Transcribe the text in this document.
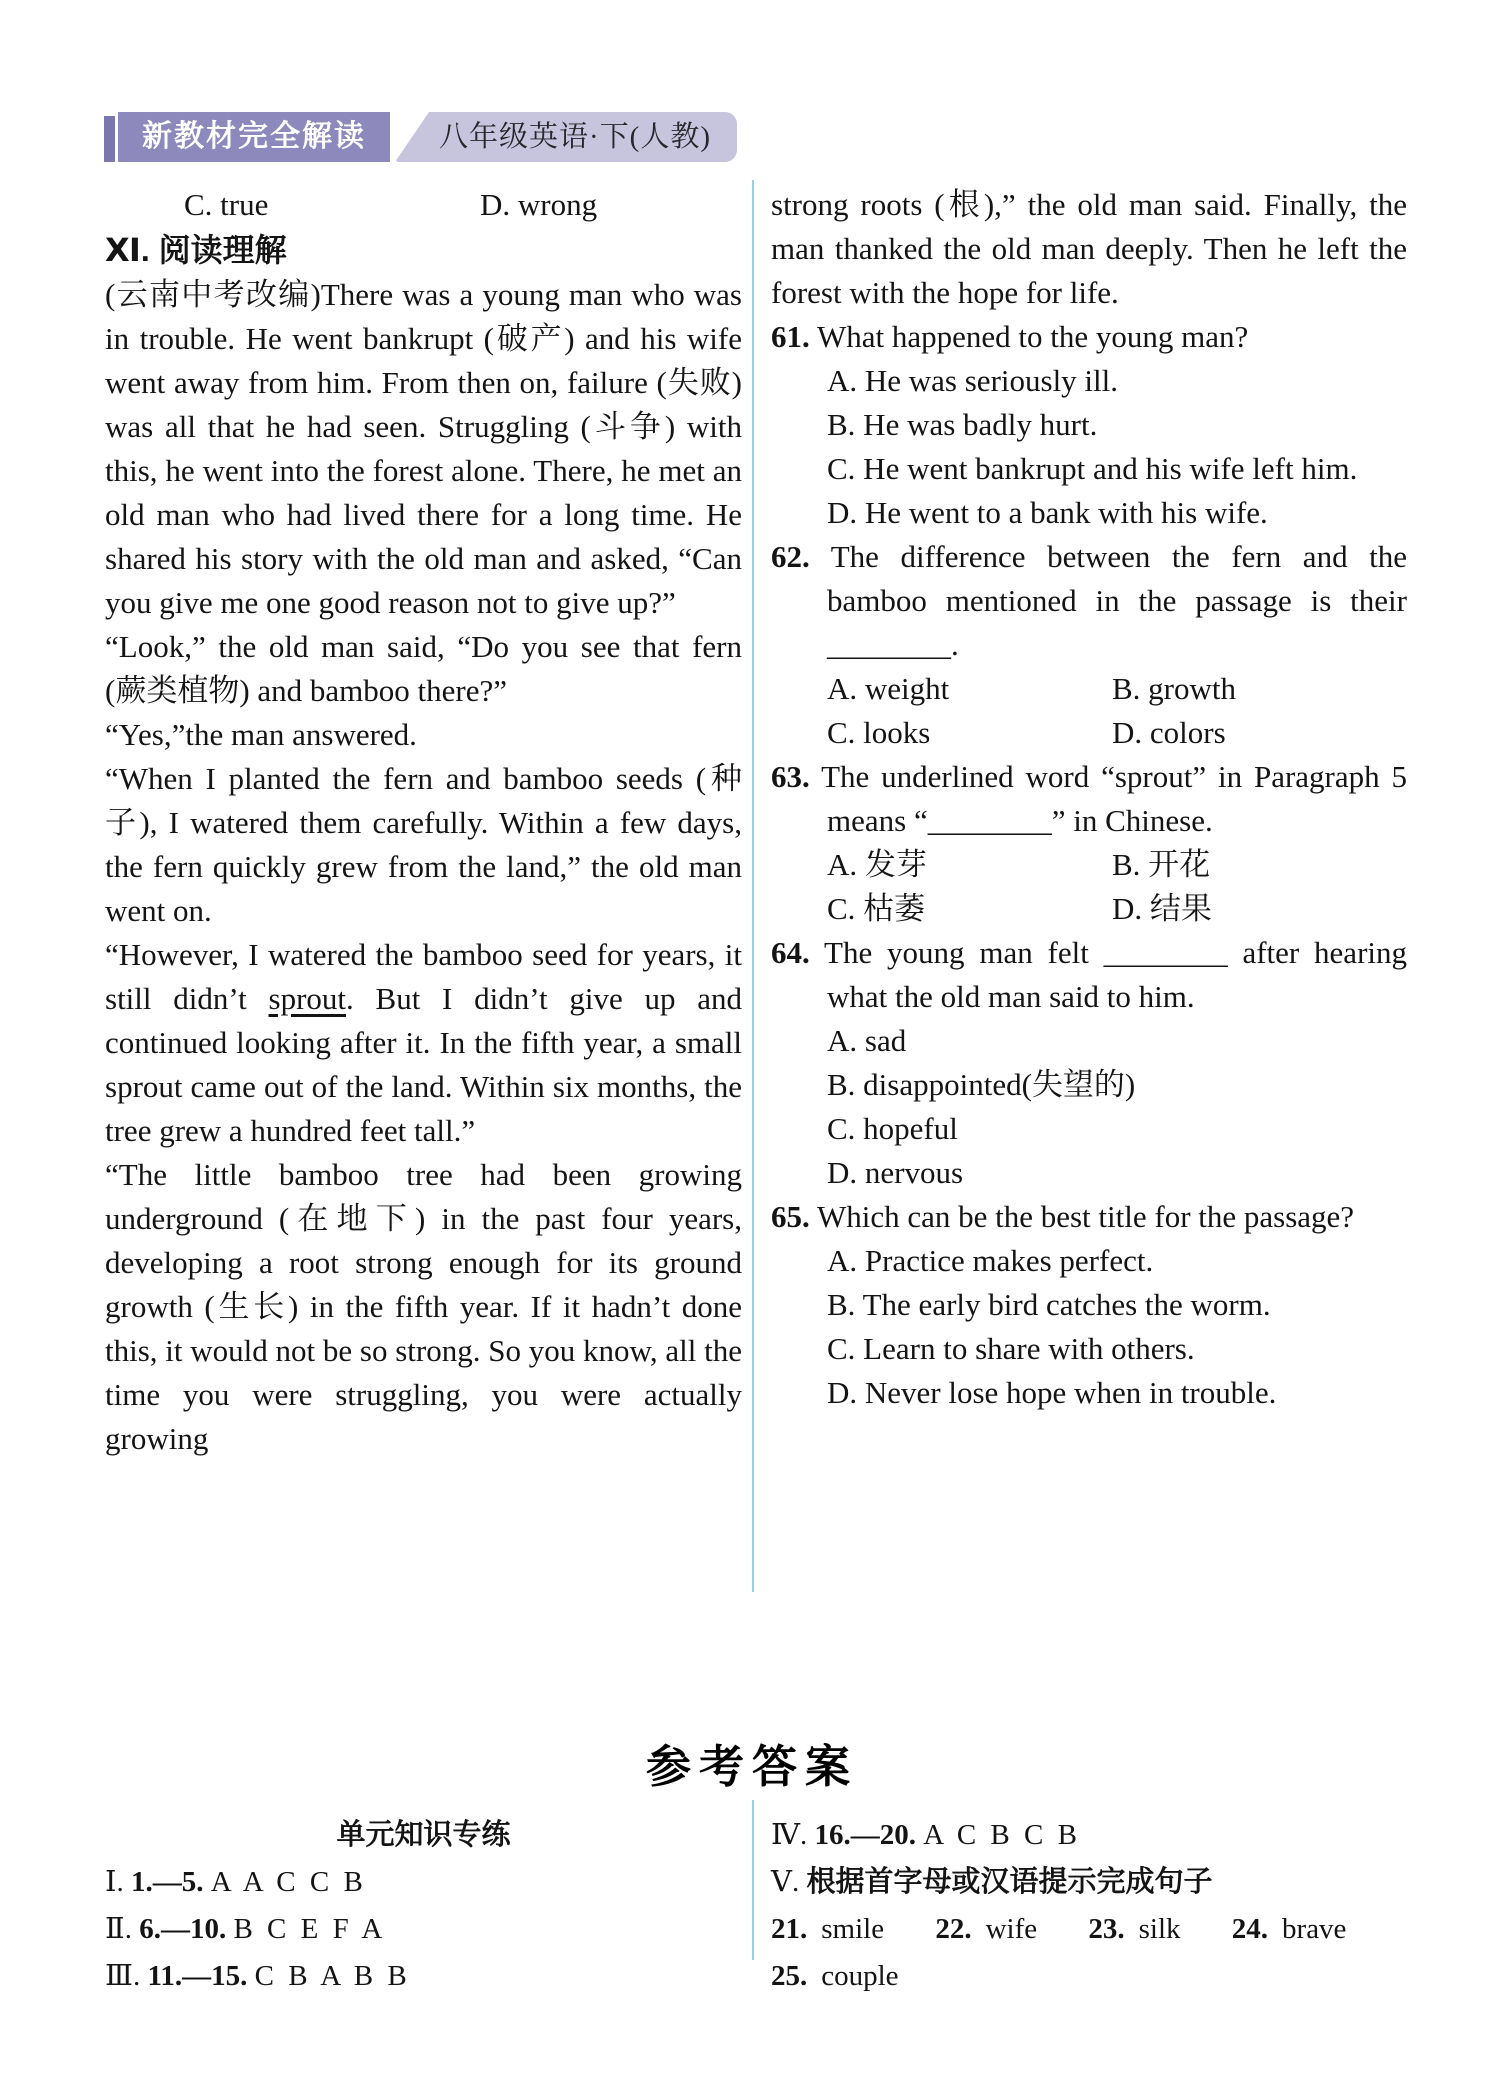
新教材完全解读	八年级英语·下(人教)
C. true	D. wrong
Ⅺ. 阅读理解

(云南中考改编)There was a young man who was in trouble. He went bankrupt (破产) and his wife went away from him. From then on, failure (失败) was all that he had seen. Struggling (斗争) with this, he went into the forest alone. There, he met an old man who had lived there for a long time. He shared his story with the old man and asked, “Can you give me one good reason not to give up?”

“Look,” the old man said, “Do you see that fern (蕨类植物) and bamboo there?”

“Yes,”the man answered.

“When I planted the fern and bamboo seeds (种子), I watered them carefully. Within a few days, the fern quickly grew from the land,” the old man went on.

“However, I watered the bamboo seed for years, it still didn’t sprout. But I didn’t give up and continued looking after it. In the fifth year, a small sprout came out of the land. Within six months, the tree grew a hundred feet tall.”

“The little bamboo tree had been growing underground (在地下) in the past four years, developing a root strong enough for its ground growth (生长) in the fifth year. If it hadn’t done this, it would not be so strong. So you know, all the time you were struggling, you were actually growing

strong roots (根),” the old man said. Finally, the man thanked the old man deeply. Then he left the forest with the hope for life.

61. What happened to the young man?
A. He was seriously ill.
B. He was badly hurt.
C. He went bankrupt and his wife left him.
D. He went to a bank with his wife.
62. The difference between the fern and the bamboo mentioned in the passage is their ________.
A. weight	B. growth
C. looks	D. colors
63. The underlined word “sprout” in Paragraph 5 means “________” in Chinese.
A. 发芽	B. 开花
C. 枯萎	D. 结果
64. The young man felt ________ after hearing what the old man said to him.
A. sad
B. disappointed(失望的)
C. hopeful
D. nervous
65. Which can be the best title for the passage?
A. Practice makes perfect.
B. The early bird catches the worm.
C. Learn to share with others.
D. Never lose hope when in trouble.
参考答案
单元知识专练
Ⅰ. 1.—5. A A C C B
Ⅱ. 6.—10. B C E F A
Ⅲ. 11.—15. C B A B B
Ⅳ. 16.—20. A C B C B
Ⅴ. 根据首字母或汉语提示完成句子
21. smile 22. wife 23. silk 24. brave
25. couple
